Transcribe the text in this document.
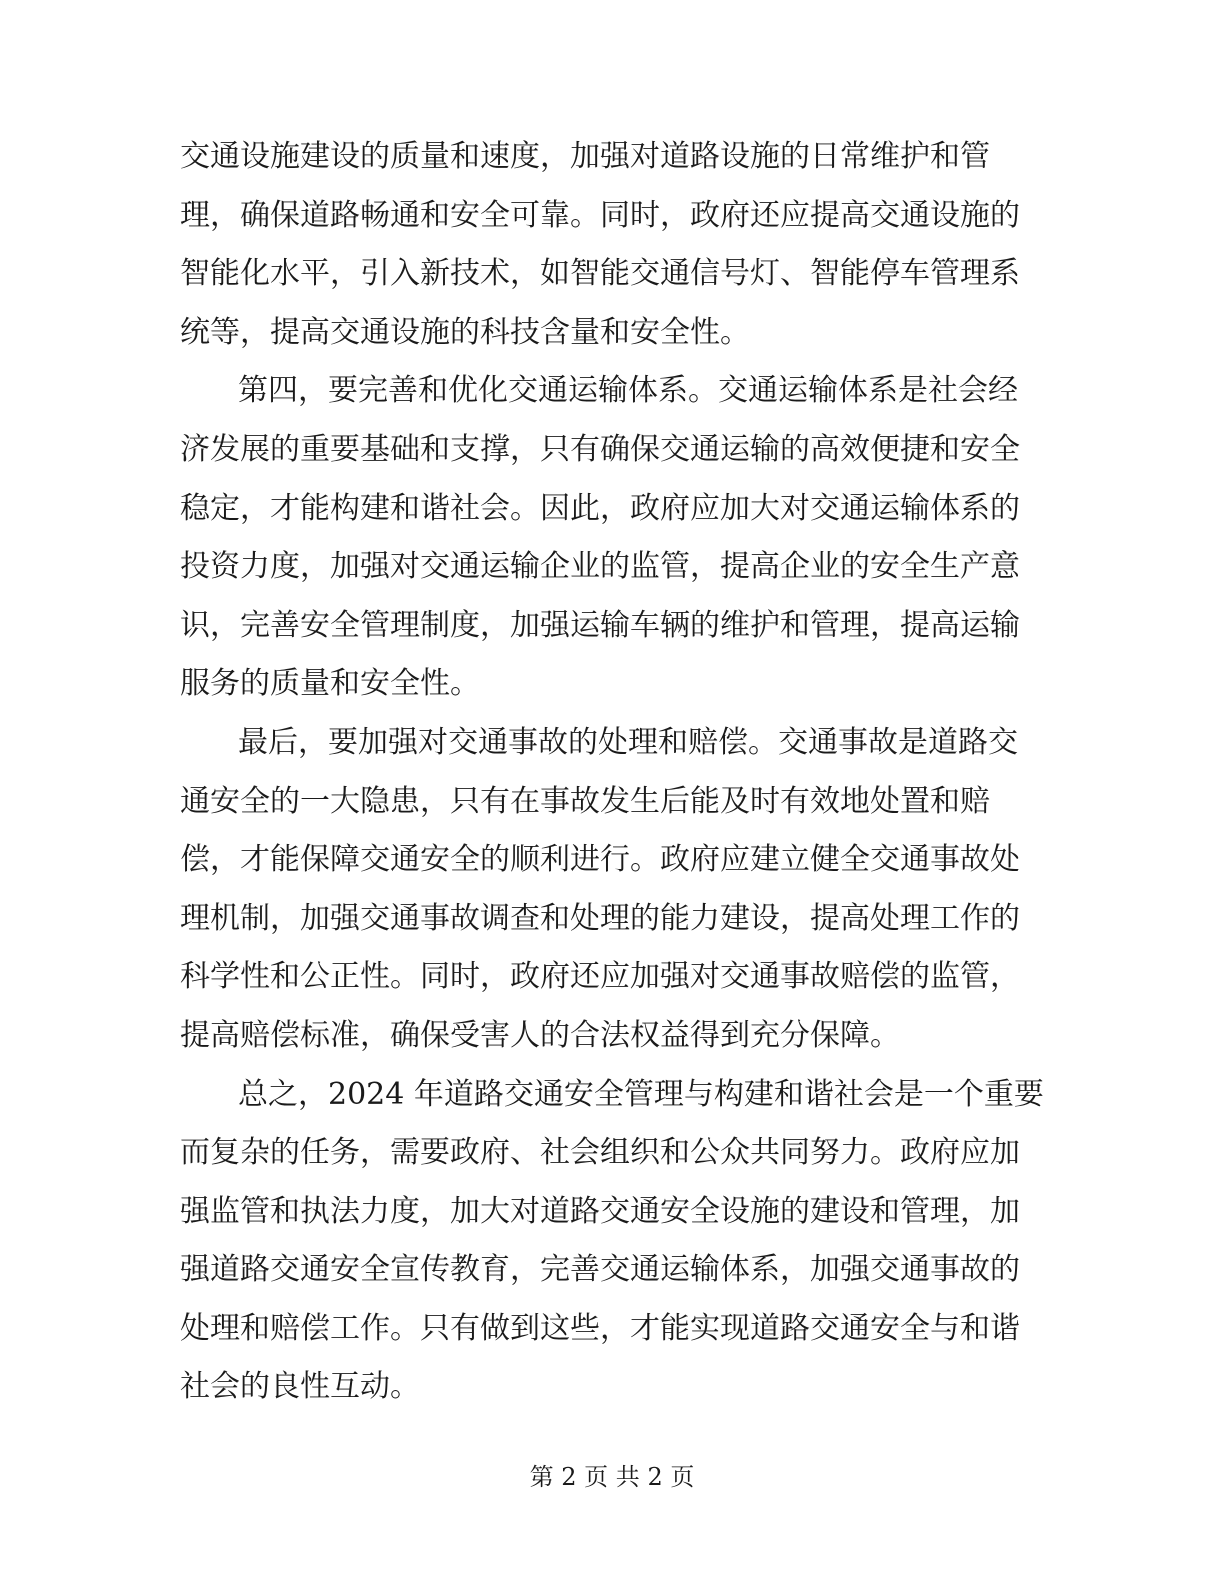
交通设施建设的质量和速度，加强对道路设施的日常维护和管
理，确保道路畅通和安全可靠。同时，政府还应提高交通设施的
智能化水平，引入新技术，如智能交通信号灯、智能停车管理系
统等，提高交通设施的科技含量和安全性。
第四，要完善和优化交通运输体系。交通运输体系是社会经
济发展的重要基础和支撑，只有确保交通运输的高效便捷和安全
稳定，才能构建和谐社会。因此，政府应加大对交通运输体系的
投资力度，加强对交通运输企业的监管，提高企业的安全生产意
识，完善安全管理制度，加强运输车辆的维护和管理，提高运输
服务的质量和安全性。
最后，要加强对交通事故的处理和赔偿。交通事故是道路交
通安全的一大隐患，只有在事故发生后能及时有效地处置和赔
偿，才能保障交通安全的顺利进行。政府应建立健全交通事故处
理机制，加强交通事故调查和处理的能力建设，提高处理工作的
科学性和公正性。同时，政府还应加强对交通事故赔偿的监管，
提高赔偿标准，确保受害人的合法权益得到充分保障。
总之，2024 年道路交通安全管理与构建和谐社会是一个重要
而复杂的任务，需要政府、社会组织和公众共同努力。政府应加
强监管和执法力度，加大对道路交通安全设施的建设和管理，加
强道路交通安全宣传教育，完善交通运输体系，加强交通事故的
处理和赔偿工作。只有做到这些，才能实现道路交通安全与和谐
社会的良性互动。
第 2 页 共 2 页
